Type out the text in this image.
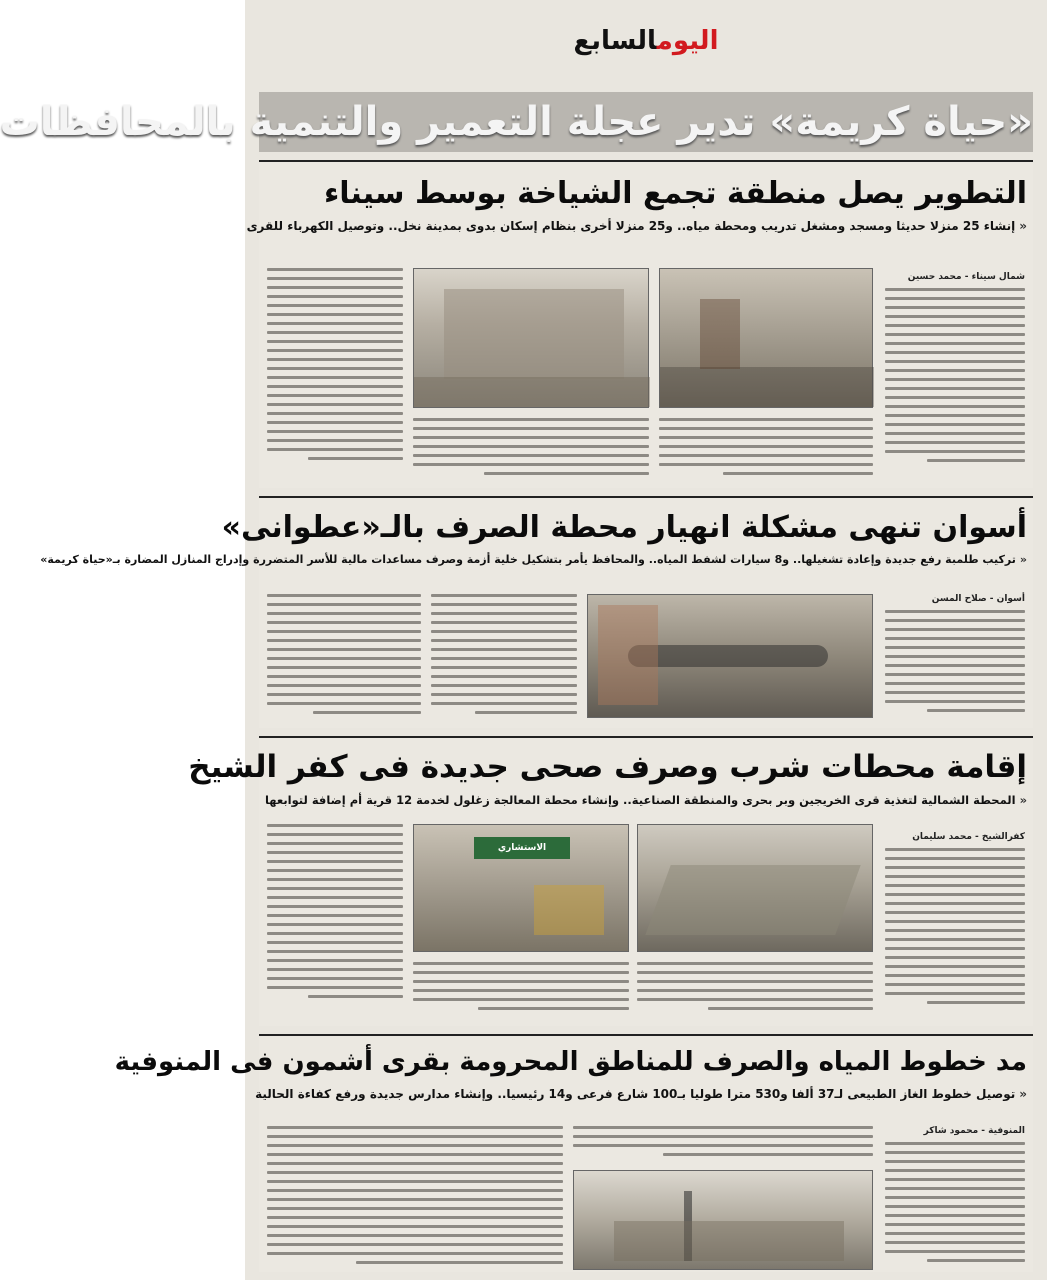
اليومالسابع
«حياة كريمة» تدير عجلة التعمير والتنمية بالمحافظات
التطوير يصل منطقة تجمع الشياخة بوسط سيناء
«إنشاء 25 منزلا حديثا ومسجد ومشغل تدريب ومحطة مياه.. و25 منزلا أخرى بنظام إسكان بدوى بمدينة نخل.. وتوصيل الكهرباء للقرى
شمال سيناء - محمد حسين
أسوان تنهى مشكلة انهيار محطة الصرف بالـ«عطوانى»
«تركيب طلمبة رفع جديدة وإعادة تشغيلها.. و8 سيارات لشفط المياه.. والمحافظ يأمر بتشكيل خلية أزمة وصرف مساعدات مالية للأسر المتضررة وإدراج المنازل المضارة بـ«حياة كريمة»
أسوان - صلاح المسن
إقامة محطات شرب وصرف صحى جديدة فى كفر الشيخ
«المحطة الشمالية لتغذية قرى الخريجين وبر بحرى والمنطقة الصناعية.. وإنشاء محطة المعالجة زغلول لخدمة 12 قرية أم إضافة لتوابعها
كفرالشيخ - محمد سليمان
الاستشاري
مد خطوط المياه والصرف للمناطق المحرومة بقرى أشمون فى المنوفية
«توصيل خطوط الغاز الطبيعى لـ37 ألفا و530 مترا طوليا بـ100 شارع فرعى و14 رئيسيا.. وإنشاء مدارس جديدة ورفع كفاءة الحالية
المنوفية - محمود شاكر
